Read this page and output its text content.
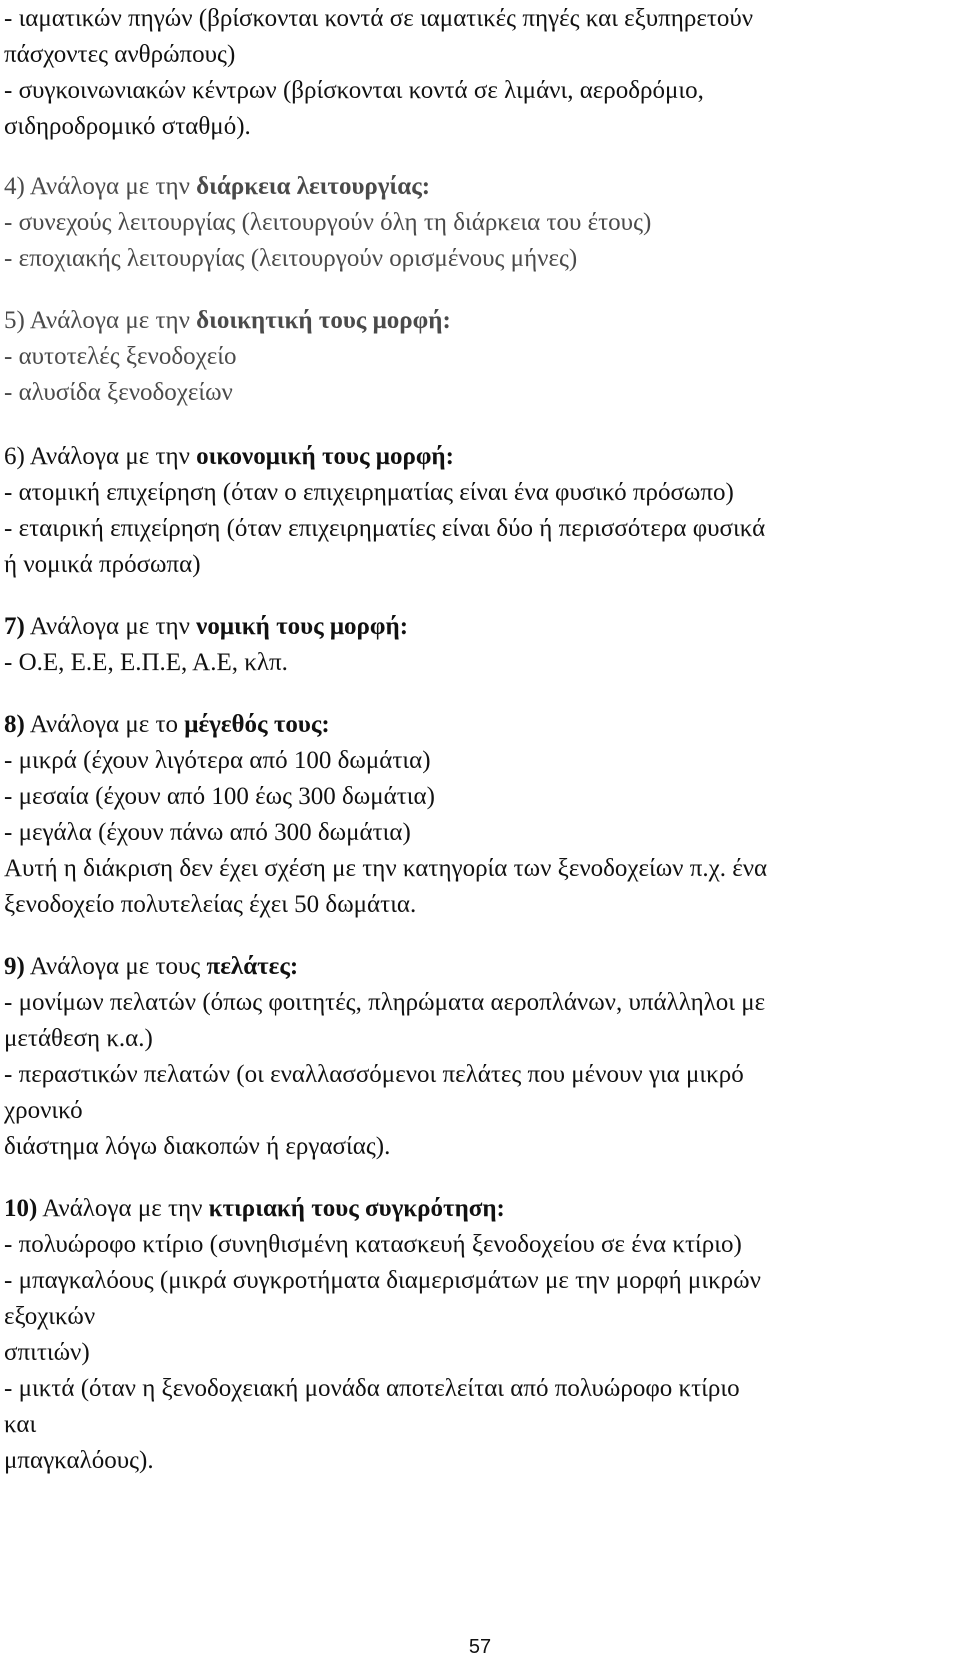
- ιαματικών πηγών (βρίσκονται κοντά σε ιαματικές πηγές και εξυπηρετούν
πάσχοντες ανθρώπους)
- συγκοινωνιακών κέντρων (βρίσκονται κοντά σε λιμάνι, αεροδρόμιο,
σιδηροδρομικό σταθμό).
4) Ανάλογα με την διάρκεια λειτουργίας:
- συνεχούς λειτουργίας (λειτουργούν όλη τη διάρκεια του έτους)
- εποχιακής λειτουργίας (λειτουργούν ορισμένους μήνες)
5) Ανάλογα με την διοικητική τους μορφή:
- αυτοτελές ξενοδοχείο
- αλυσίδα ξενοδοχείων
6) Ανάλογα με την οικονομική τους μορφή:
- ατομική επιχείρηση (όταν ο επιχειρηματίας είναι ένα φυσικό πρόσωπο)
- εταιρική επιχείρηση (όταν επιχειρηματίες είναι δύο ή περισσότερα φυσικά
ή νομικά πρόσωπα)
7) Ανάλογα με την νομική τους μορφή:
- Ο.Ε, Ε.Ε, Ε.Π.Ε, Α.Ε, κλπ.
8) Ανάλογα με το μέγεθός τους:
- μικρά (έχουν λιγότερα από 100 δωμάτια)
- μεσαία (έχουν από 100 έως 300 δωμάτια)
- μεγάλα (έχουν πάνω από 300 δωμάτια)
Αυτή η διάκριση δεν έχει σχέση με την κατηγορία των ξενοδοχείων π.χ. ένα
ξενοδοχείο πολυτελείας έχει 50 δωμάτια.
9) Ανάλογα με τους πελάτες:
- μονίμων πελατών (όπως φοιτητές, πληρώματα αεροπλάνων, υπάλληλοι με
μετάθεση κ.α.)
- περαστικών πελατών (οι εναλλασσόμενοι πελάτες που μένουν για μικρό
χρονικό
διάστημα λόγω διακοπών ή εργασίας).
10) Ανάλογα με την κτιριακή τους συγκρότηση:
- πολυώροφο κτίριο (συνηθισμένη κατασκευή ξενοδοχείου σε ένα κτίριο)
- μπαγκαλόους (μικρά συγκροτήματα διαμερισμάτων με την μορφή μικρών
εξοχικών
σπιτιών)
- μικτά (όταν η ξενοδοχειακή μονάδα αποτελείται από πολυώροφο κτίριο
και
μπαγκαλόους).
57
